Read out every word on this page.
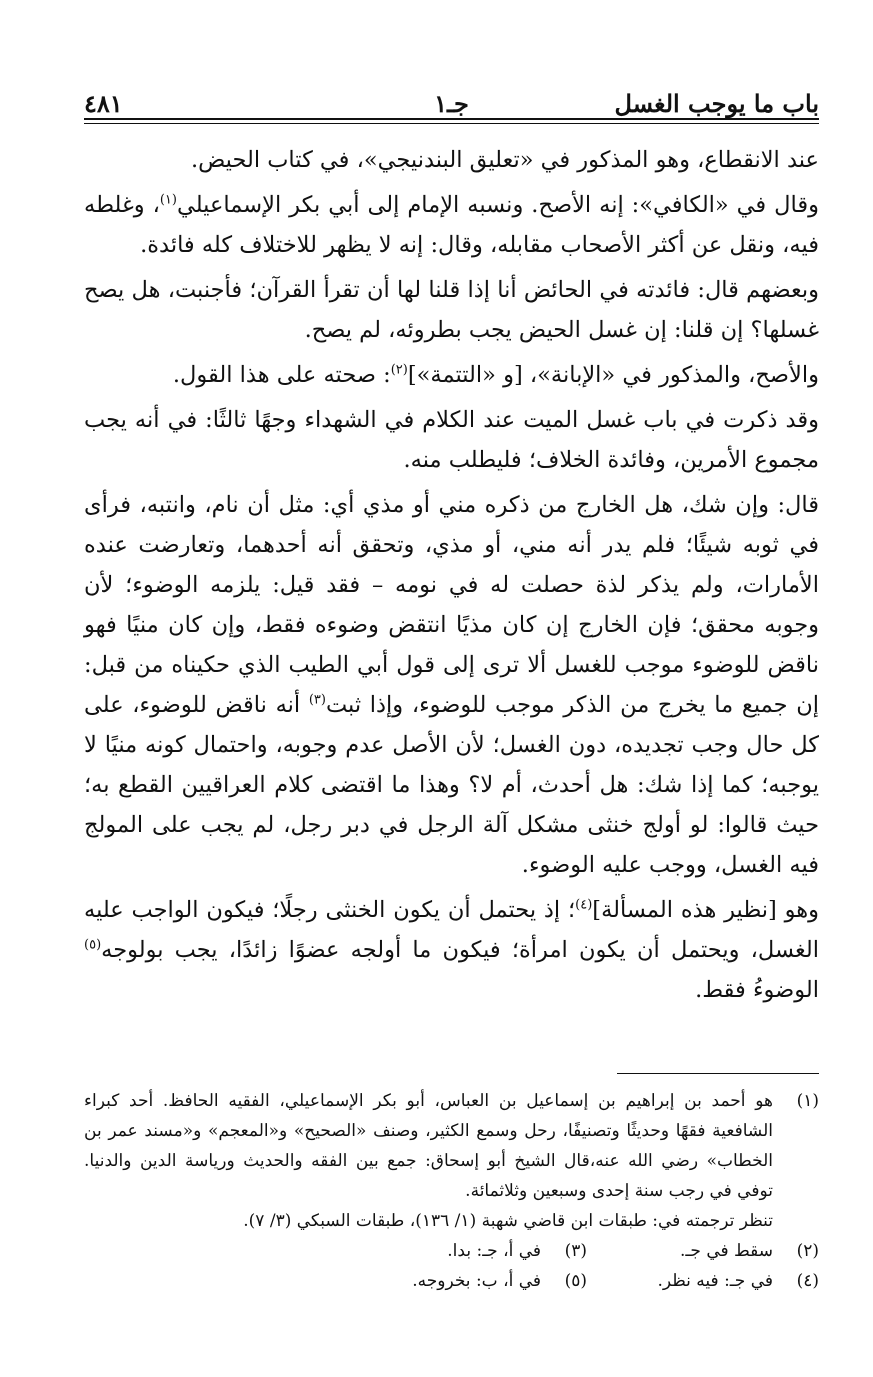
باب ما يوجب الغسل
جـ١
٤٨١

عند الانقطاع، وهو المذكور في «تعليق البندنيجي»، في كتاب الحيض.

وقال في «الكافي»: إنه الأصح. ونسبه الإمام إلى أبي بكر الإسماعيلي$^{(١)}$، وغلطه فيه، ونقل عن أكثر الأصحاب مقابله، وقال: إنه لا يظهر للاختلاف كله فائدة.

وبعضهم قال: فائدته في الحائض أنا إذا قلنا لها أن تقرأ القرآن؛ فأجنبت، هل يصح غسلها؟ إن قلنا: إن غسل الحيض يجب بطروئه، لم يصح.

والأصح، والمذكور في «الإبانة»، [و «التتمة»]$^{(٢)}$: صحته على هذا القول.

وقد ذكرت في باب غسل الميت عند الكلام في الشهداء وجهًا ثالثًا: في أنه يجب مجموع الأمرين، وفائدة الخلاف؛ فليطلب منه.

قال: وإن شك، هل الخارج من ذكره مني أو مذي أي: مثل أن نام، وانتبه، فرأى في ثوبه شيئًا؛ فلم يدر أنه مني، أو مذي، وتحقق أنه أحدهما، وتعارضت عنده الأمارات، ولم يذكر لذة حصلت له في نومه – فقد قيل: يلزمه الوضوء؛ لأن وجوبه محقق؛ فإن الخارج إن كان مذيًا انتقض وضوءه فقط، وإن كان منيًا فهو ناقض للوضوء موجب للغسل ألا ترى إلى قول أبي الطيب الذي حكيناه من قبل: إن جميع ما يخرج من الذكر موجب للوضوء، وإذا ثبت$^{(٣)}$ أنه ناقض للوضوء، على كل حال وجب تجديده، دون الغسل؛ لأن الأصل عدم وجوبه، واحتمال كونه منيًا لا يوجبه؛ كما إذا شك: هل أحدث، أم لا؟ وهذا ما اقتضى كلام العراقيين القطع به؛ حيث قالوا: لو أولج خنثى مشكل آلة الرجل في دبر رجل، لم يجب على المولج فيه الغسل، ووجب عليه الوضوء.

وهو [نظير هذه المسألة]$^{(٤)}$؛ إذ يحتمل أن يكون الخنثى رجلًا؛ فيكون الواجب عليه الغسل، ويحتمل أن يكون امرأة؛ فيكون ما أولجه عضوًا زائدًا، يجب بولوجه$^{(٥)}$ الوضوءُ فقط.

(١)
هو أحمد بن إبراهيم بن إسماعيل بن العباس، أبو بكر الإسماعيلي، الفقيه الحافظ. أحد كبراء الشافعية فقهًا وحديثًا وتصنيفًا، رحل وسمع الكثير، وصنف «الصحيح» و«المعجم» و«مسند عمر بن الخطاب» رضي الله عنه،قال الشيخ أبو إسحاق: جمع بين الفقه والحديث ورياسة الدين والدنيا. توفي في رجب سنة إحدى وسبعين وثلاثمائة.
تنظر ترجمته في: طبقات ابن قاضي شهبة (١/ ١٣٦)، طبقات السبكي (٣/ ٧).
(٢)
سقط في جـ.
(٣)
في أ، جـ: بدا.
(٤)
في جـ: فيه نظر.
(٥)
في أ، ب: بخروجه.
